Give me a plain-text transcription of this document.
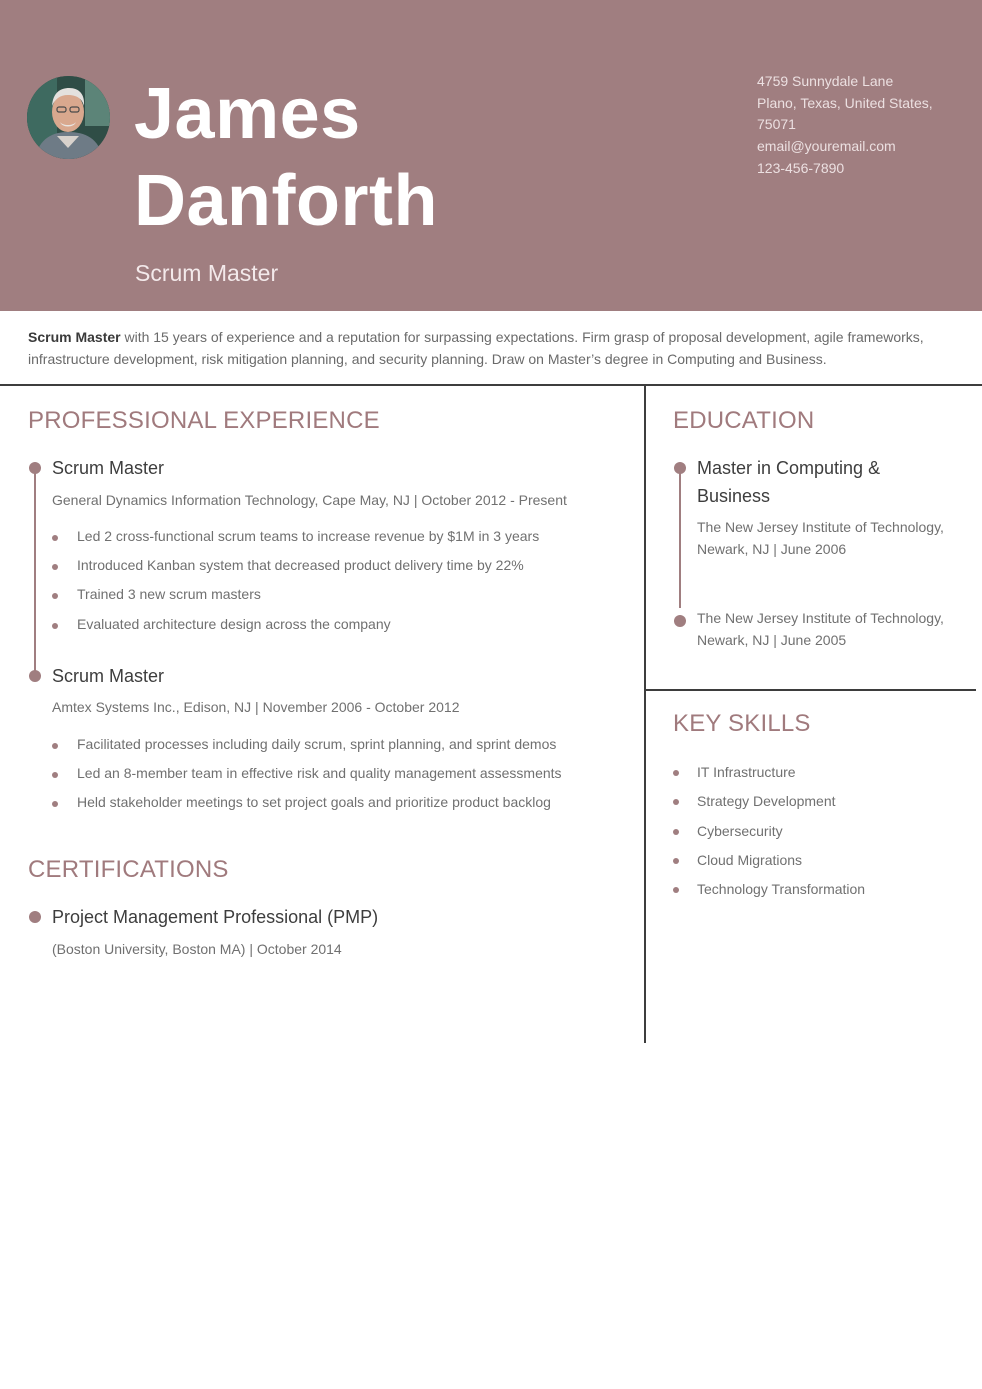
James
Danforth
Scrum Master
4759 Sunnydale Lane
Plano, Texas, United States,
75071
email@youremail.com
123-456-7890
Scrum Master with 15 years of experience and a reputation for surpassing expectations. Firm grasp of proposal development, agile frameworks, infrastructure development, risk mitigation planning, and security planning. Draw on Master’s degree in Computing and Business.
PROFESSIONAL EXPERIENCE
Scrum Master
General Dynamics Information Technology, Cape May, NJ | October 2012 - Present
Led 2 cross-functional scrum teams to increase revenue by $1M in 3 years
Introduced Kanban system that decreased product delivery time by 22%
Trained 3 new scrum masters
Evaluated architecture design across the company
Scrum Master
Amtex Systems Inc., Edison, NJ | November 2006 - October 2012
Facilitated processes including daily scrum, sprint planning, and sprint demos
Led an 8-member team in effective risk and quality management assessments
Held stakeholder meetings to set project goals and prioritize product backlog
CERTIFICATIONS
Project Management Professional (PMP)
(Boston University, Boston MA) | October 2014
EDUCATION
Master in Computing & Business
The New Jersey Institute of Technology,
Newark, NJ | June 2006
The New Jersey Institute of Technology,
Newark, NJ | June 2005
KEY SKILLS
IT Infrastructure
Strategy Development
Cybersecurity
Cloud Migrations
Technology Transformation
